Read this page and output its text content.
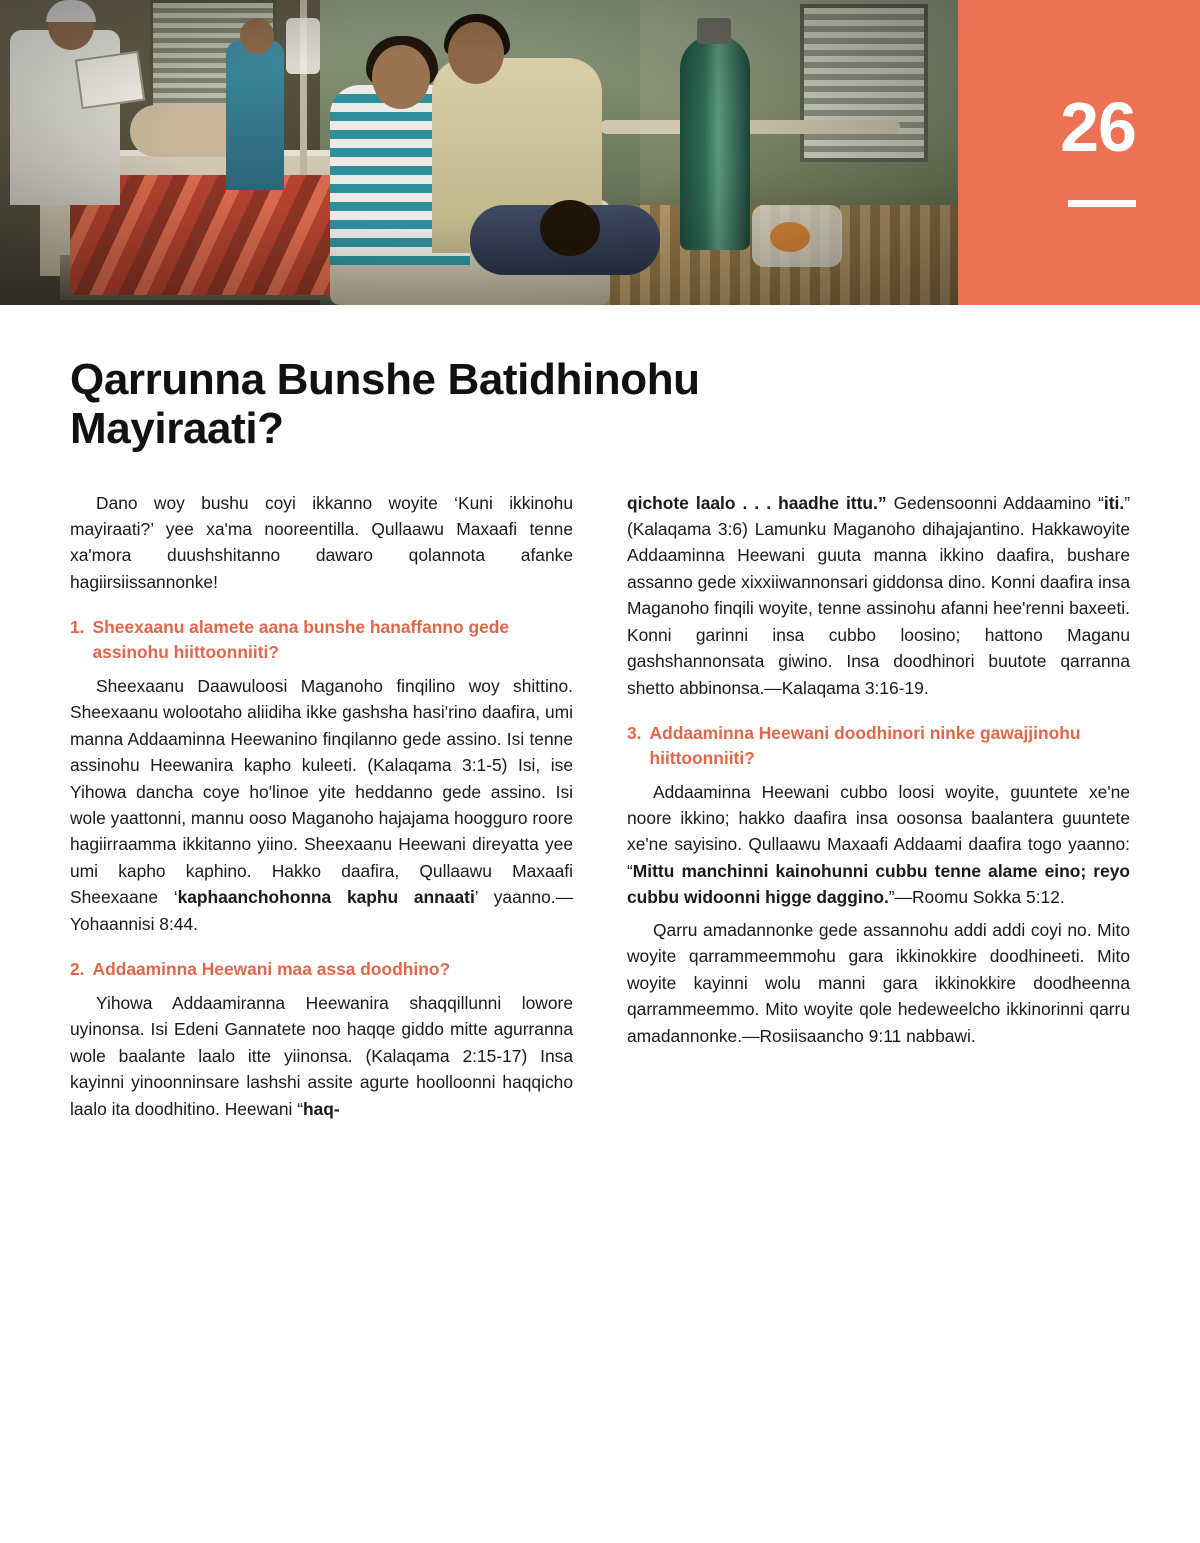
26
Qarrunna Bunshe Batidhinohu Mayiraati?

Dano woy bushu coyi ikkanno woyite ‘Kuni ikkinohu mayiraati?’ yee xa'ma nooreentilla. Qullaawu Maxaafi tenne xa'mora duushshitanno dawaro qolannota afanke hagiirsiissannonke!

1. Sheexaanu alamete aana bunshe hanaffanno gede assinohu hiittoonniiti?

Sheexaanu Daawuloosi Maganoho finqilino woy shittino. Sheexaanu wolootaho aliidiha ikke gashsha hasi'rino daafira, umi manna Addaaminna Heewanino finqilanno gede assino. Isi tenne assinohu Heewanira kapho kuleeti. (Kalaqama 3:1-5) Isi, ise Yihowa dancha coye ho'linoe yite heddanno gede assino. Isi wole yaattonni, mannu ooso Maganoho hajajama hoogguro roore hagiirraamma ikkitanno yiino. Sheexaanu Heewani direyatta yee umi kapho kaphino. Hakko daafira, Qullaawu Maxaafi Sheexaane ‘kaphaanchohonna kaphu annaati’ yaanno.—Yohaannisi 8:44.

2. Addaaminna Heewani maa assa doodhino?

Yihowa Addaamiranna Heewanira shaqqillunni lowore uyinonsa. Isi Edeni Gannatete noo haqqe giddo mitte agurranna wole baalante laalo itte yiinonsa. (Kalaqama 2:15-17) Insa kayinni yinoonninsare lashshi assite agurte hoolloonni haqqicho laalo ita doodhitino. Heewani “haq-

qichote laalo . . . haadhe ittu.” Gedensoonni Addaamino “iti.” (Kalaqama 3:6) Lamunku Maganoho dihajajantino. Hakkawoyite Addaaminna Heewani guuta manna ikkino daafira, bushare assanno gede xixxiiwannonsari giddonsa dino. Konni daafira insa Maganoho finqili woyite, tenne assinohu afanni hee'renni baxeeti. Konni garinni insa cubbo loosino; hattono Maganu gashshannonsata giwino. Insa doodhinori buutote qarranna shetto abbinonsa.—Kalaqama 3:16-19.

3. Addaaminna Heewani doodhinori ninke gawajjinohu hiittoonniiti?

Addaaminna Heewani cubbo loosi woyite, guuntete xe'ne noore ikkino; hakko daafira insa oosonsa baalantera guuntete xe'ne sayisino. Qullaawu Maxaafi Addaami daafira togo yaanno: “Mittu manchinni kainohunni cubbu tenne alame eino; reyo cubbu widoonni higge daggino.”—Roomu Sokka 5:12.

Qarru amadannonke gede assannohu addi addi coyi no. Mito woyite qarrammeemmohu gara ikkinokkire doodhineeti. Mito woyite kayinni wolu manni gara ikkinokkire doodheenna qarrammeemmo. Mito woyite qole hedeweelcho ikkinorinni qarru amadannonke.—Rosiisaancho 9:11 nabbawi.
